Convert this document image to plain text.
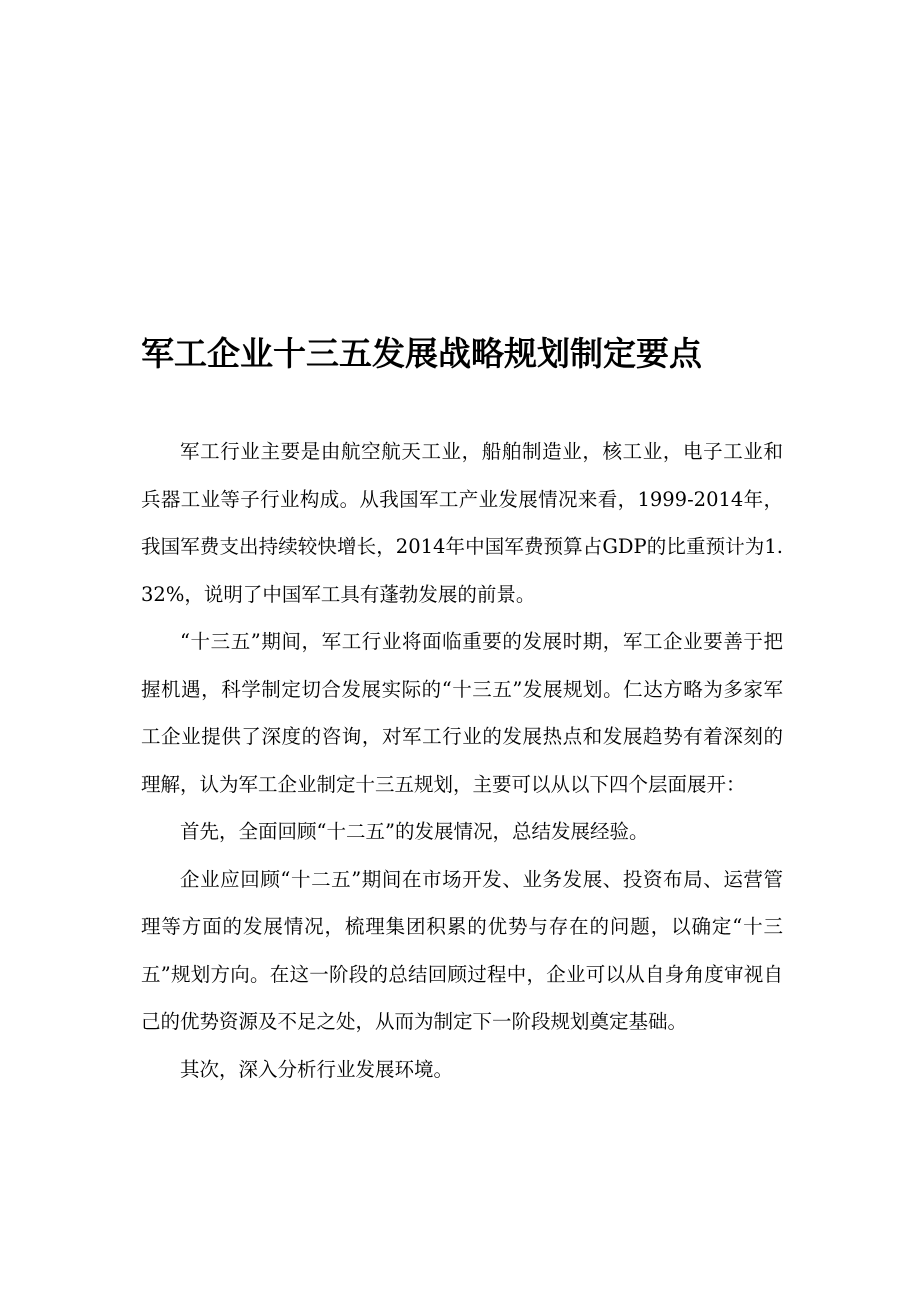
军工企业十三五发展战略规划制定要点

军工行业主要是由航空航天工业，船舶制造业，核工业，电子工业和兵器工业等子行业构成。从我国军工产业发展情况来看，1999-2014年，我国军费支出持续较快增长，2014年中国军费预算占GDP的比重预计为1.32%，说明了中国军工具有蓬勃发展的前景。

“十三五”期间，军工行业将面临重要的发展时期，军工企业要善于把握机遇，科学制定切合发展实际的“十三五”发展规划。仁达方略为多家军工企业提供了深度的咨询，对军工行业的发展热点和发展趋势有着深刻的理解，认为军工企业制定十三五规划，主要可以从以下四个层面展开：

首先，全面回顾“十二五”的发展情况，总结发展经验。

企业应回顾“十二五”期间在市场开发、业务发展、投资布局、运营管理等方面的发展情况，梳理集团积累的优势与存在的问题，以确定“十三五”规划方向。在这一阶段的总结回顾过程中，企业可以从自身角度审视自己的优势资源及不足之处，从而为制定下一阶段规划奠定基础。

其次，深入分析行业发展环境。
